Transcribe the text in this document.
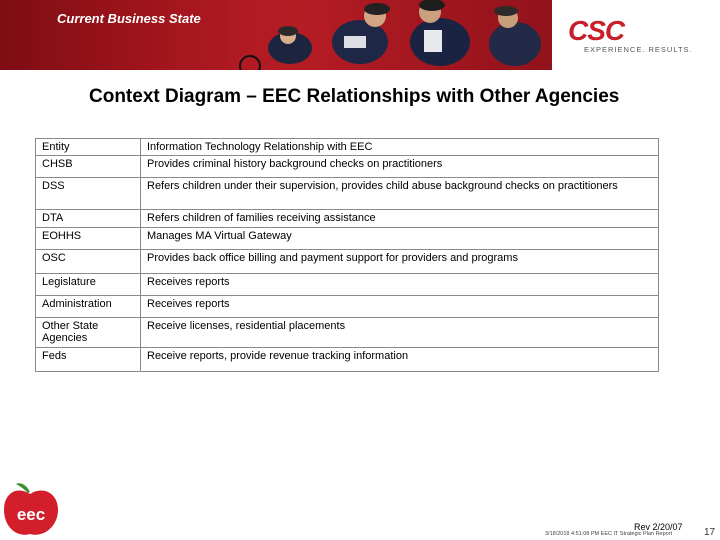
Current Business State	CSC
EXPERIENCE. RESULTS.
Context Diagram – EEC Relationships with Other Agencies
Entity	Information Technology Relationship with EEC
CHSB	Provides criminal history background checks on practitioners
DSS	Refers children under their supervision, provides child abuse background checks on practitioners
DTA	Refers children of families receiving assistance
EOHHS	Manages MA Virtual Gateway
OSC	Provides back office billing and payment support for providers and programs
Legislature	Receives reports
Administration	Receives reports
Other State Agencies	Receive licenses, residential placements
Feds	Receive reports, provide revenue tracking information
eec
Rev 2/20/07
3/18/2018 4:51:08 PM EEC IT Strategic Plan Report	17
